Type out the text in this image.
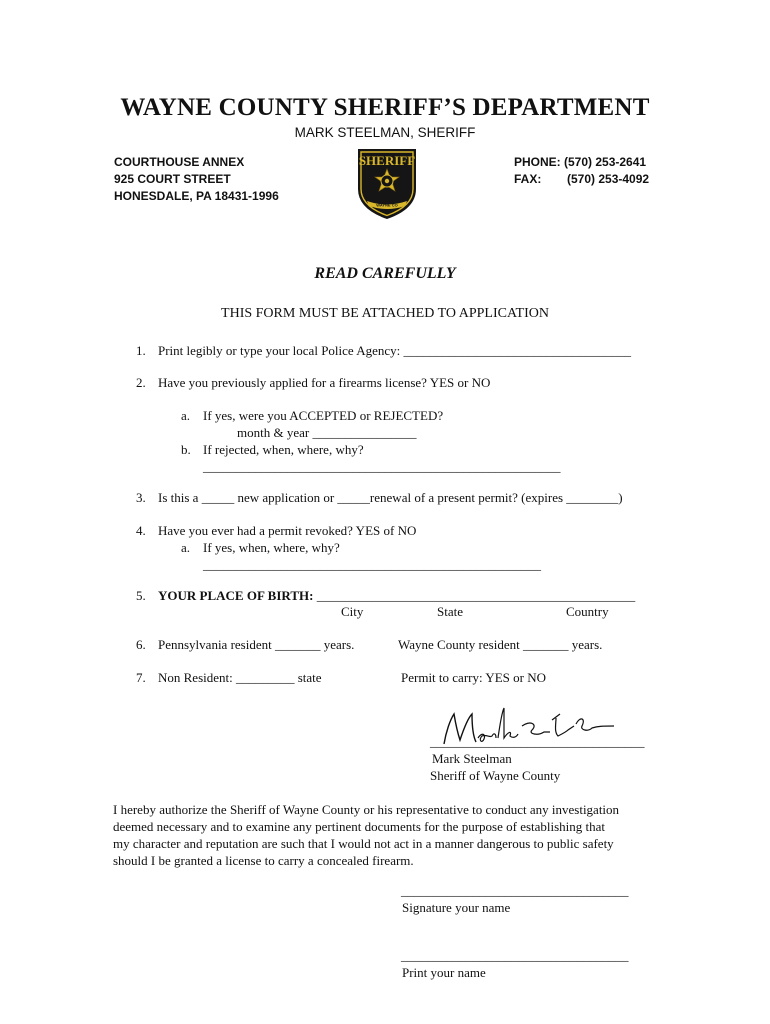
WAYNE COUNTY SHERIFF’S DEPARTMENT
MARK STEELMAN, SHERIFF
COURTHOUSE ANNEX
925 COURT STREET
HONESDALE, PA 18431-1996
PHONE: (570) 253-2641
FAX: (570) 253-4092
SHERIFF
WAYNE CO
READ CAREFULLY
THIS FORM MUST BE ATTACHED TO APPLICATION
1. Print legibly or type your local Police Agency: ___________________________________
2. Have you previously applied for a firearms license? YES or NO
a. If yes, were you ACCEPTED or REJECTED?
month & year ________________
b. If rejected, when, where, why?
_______________________________________________________
3. Is this a _____ new application or _____renewal of a present permit? (expires ________)
4. Have you ever had a permit revoked? YES of NO
a. If yes, when, where, why?
____________________________________________________
5. YOUR PLACE OF BIRTH: _________________________________________________
City	State	Country
6. Pennsylvania resident _______ years.	Wayne County resident _______ years.
7. Non Resident: _________ state	Permit to carry: YES or NO
_________________________________
Mark Steelman
Sheriff of Wayne County
I hereby authorize the Sheriff of Wayne County or his representative to conduct any investigation
deemed necessary and to examine any pertinent documents for the purpose of establishing that
my character and reputation are such that I would not act in a manner dangerous to public safety
should I be granted a license to carry a concealed firearm.
___________________________________
Signature your name
___________________________________
Print your name
